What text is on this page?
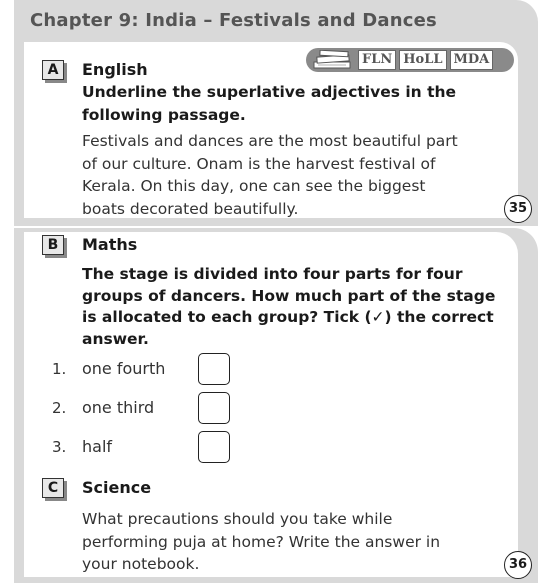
Chapter 9: India – Festivals and Dances
FLN HoLL MDA
A	English
Underline the superlative adjectives in the
following passage.
Festivals and dances are the most beautiful part
of our culture. Onam is the harvest festival of
Kerala. On this day, one can see the biggest
boats decorated beautifully.	35
B	Maths
The stage is divided into four parts for four
groups of dancers. How much part of the stage
is allocated to each group? Tick (✓) the correct
answer.
1. one fourth
2. one third
3. half
C	Science
What precautions should you take while
performing puja at home? Write the answer in
your notebook.	36
